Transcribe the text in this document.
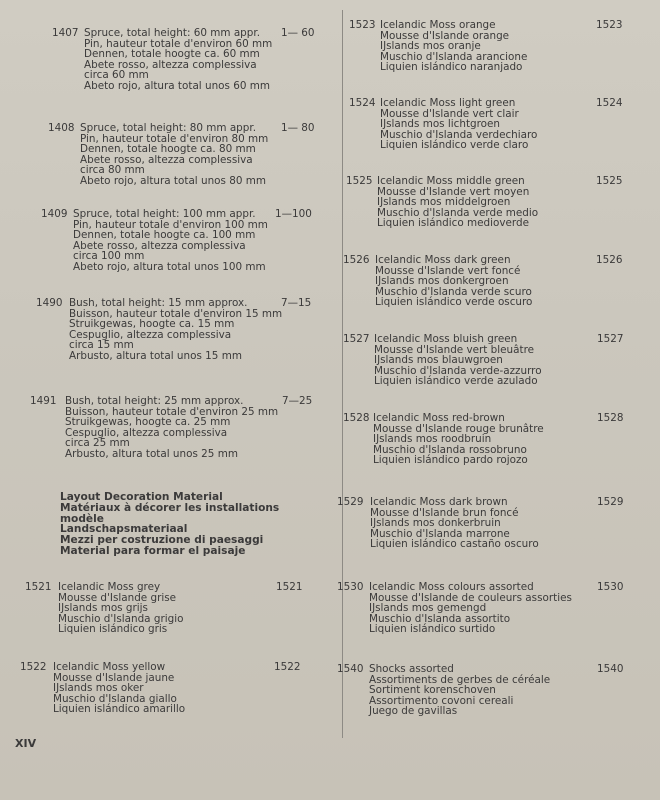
1407	1— 60
Spruce, total height: 60 mm appr.
Pin, hauteur totale d'environ 60 mm
Dennen, totale hoogte ca. 60 mm
Abete rosso, altezza complessiva
circa 60 mm
Abeto rojo, altura total unos 60 mm
1408	1— 80
Spruce, total height: 80 mm appr.
Pin, hauteur totale d'environ 80 mm
Dennen, totale hoogte ca. 80 mm
Abete rosso, altezza complessiva
circa 80 mm
Abeto rojo, altura total unos 80 mm
1409	1—100
Spruce, total height: 100 mm appr.
Pin, hauteur totale d'environ 100 mm
Dennen, totale hoogte ca. 100 mm
Abete rosso, altezza complessiva
circa 100 mm
Abeto rojo, altura total unos 100 mm
1490	7—15
Bush, total height: 15 mm approx.
Buisson, hauteur totale d'environ 15 mm
Struikgewas, hoogte ca. 15 mm
Cespuglio, altezza complessiva
circa 15 mm
Arbusto, altura total unos 15 mm
1491	7—25
Bush, total height: 25 mm approx.
Buisson, hauteur totale d'environ 25 mm
Struikgewas, hoogte ca. 25 mm
Cespuglio, altezza complessiva
circa 25 mm
Arbusto, altura total unos 25 mm
Layout Decoration Material
Matériaux à décorer les installations
modèle
Landschapsmateriaal
Mezzi per costruzione di paesaggi
Material para formar el paisaje
1521	1521
Icelandic Moss grey
Mousse d'Islande grise
IJslands mos grijs
Muschio d'Islanda grigio
Liquien islándico gris
1522	1522
Icelandic Moss yellow
Mousse d'Islande jaune
IJslands mos oker
Muschio d'Islanda giallo
Liquien islándico amarillo
1523	1523
Icelandic Moss orange
Mousse d'Islande orange
IJslands mos oranje
Muschio d'Islanda arancione
Liquien islándico naranjado
1524	1524
Icelandic Moss light green
Mousse d'Islande vert clair
IJslands mos lichtgroen
Muschio d'Islanda verdechiaro
Liquien islándico verde claro
1525	1525
Icelandic Moss middle green
Mousse d'Islande vert moyen
IJslands mos middelgroen
Muschio d'Islanda verde medio
Liquien islándico medioverde
1526	1526
Icelandic Moss dark green
Mousse d'Islande vert foncé
IJslands mos donkergroen
Muschio d'Islanda verde scuro
Liquien islándico verde oscuro
1527	1527
Icelandic Moss bluish green
Mousse d'Islande vert bleuâtre
IJslands mos blauwgroen
Muschio d'Islanda verde-azzurro
Liquien islándico verde azulado
1528	1528
Icelandic Moss red-brown
Mousse d'Islande rouge brunâtre
IJslands mos roodbruin
Muschio d'Islanda rossobruno
Liquien islándico pardo rojozo
1529	1529
Icelandic Moss dark brown
Mousse d'Islande brun foncé
IJslands mos donkerbruin
Muschio d'Islanda marrone
Liquien islándico castaño oscuro
1530	1530
Icelandic Moss colours assorted
Mousse d'Islande de couleurs assorties
IJslands mos gemengd
Muschio d'Islanda assortito
Liquien islándico surtido
1540	1540
Shocks assorted
Assortiments de gerbes de céréale
Sortiment korenschoven
Assortimento covoni cereali
Juego de gavillas
XIV
